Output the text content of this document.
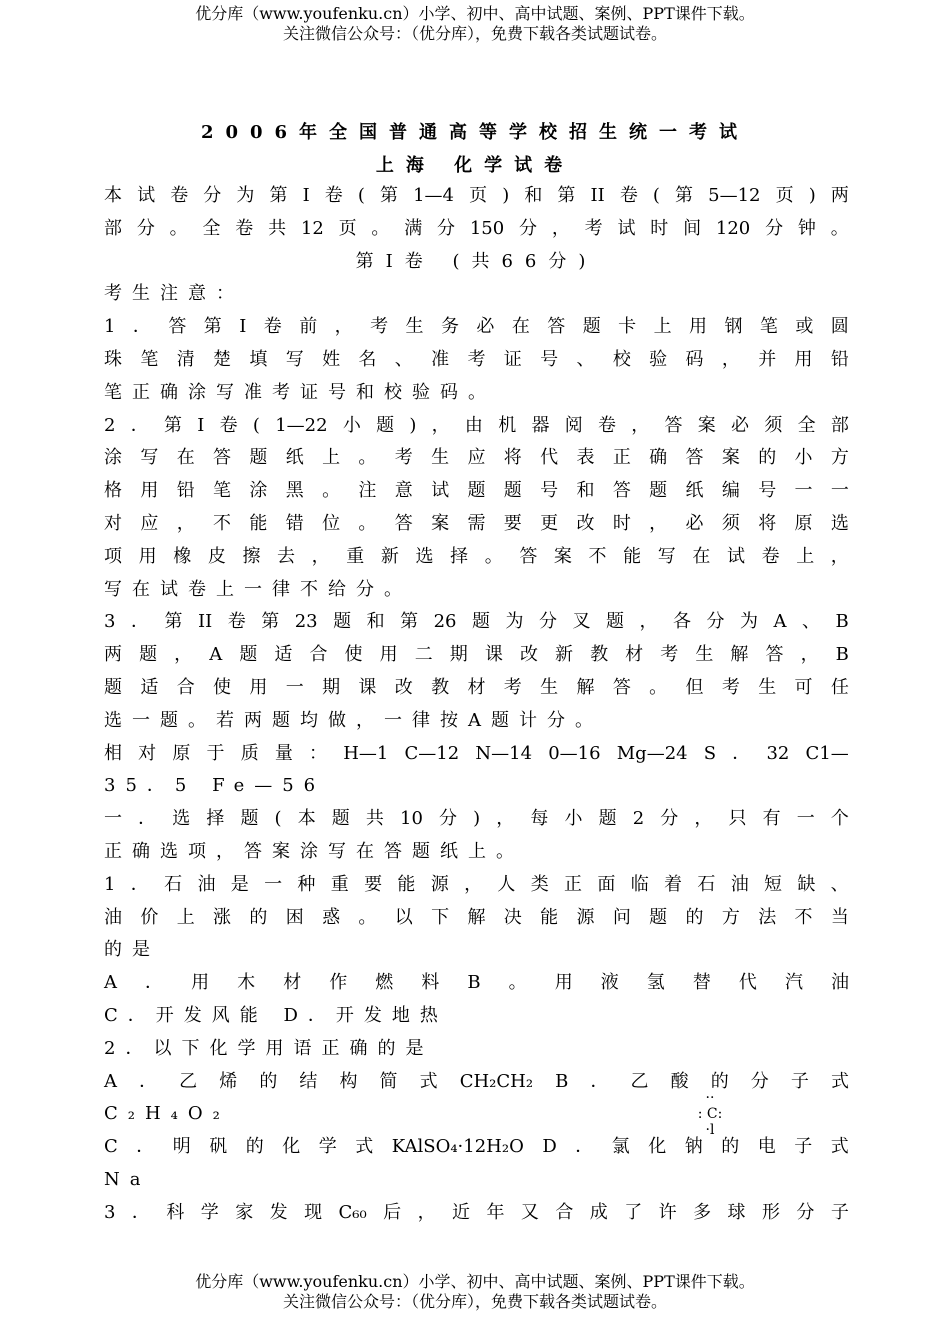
优分库（www.youfenku.cn）小学、初中、高中试题、案例、PPT课件下载。
关注微信公众号：（优分库），免费下载各类试题试卷。
2006年全国普通高等学校招生统一考试
上海 化学试卷
本 试 卷 分 为 第 I 卷 ( 第 1—4 页 ) 和 第 II 卷 ( 第 5—12 页 ) 两
部 分 。 全 卷 共 12 页 。 满 分 150 分 ， 考 试 时 间 120 分 钟 。
第I卷 (共66分)
考生注意：
1 ． 答 第 I 卷 前 ， 考 生 务 必 在 答 题 卡 上 用 钢 笔 或 圆
珠 笔 清 楚 填 写 姓 名 、 准 考 证 号 、 校 验 码 ， 并 用 铅
笔正确涂写准考证号和校验码。
2 ． 第 I 卷 ( 1—22 小 题 ) ， 由 机 器 阅 卷 ， 答 案 必 须 全 部
涂 写 在 答 题 纸 上 。 考 生 应 将 代 表 正 确 答 案 的 小 方
格 用 铅 笔 涂 黑 。 注 意 试 题 题 号 和 答 题 纸 编 号 一 一
对 应 ， 不 能 错 位 。 答 案 需 要 更 改 时 ， 必 须 将 原 选
项 用 橡 皮 擦 去 ， 重 新 选 择 。 答 案 不 能 写 在 试 卷 上 ，
写在试卷上一律不给分。
3 ． 第 II 卷 第 23 题 和 第 26 题 为 分 叉 题 ， 各 分 为 A 、 B
两 题 ， A 题 适 合 使 用 二 期 课 改 新 教 材 考 生 解 答 ， B
题 适 合 使 用 一 期 课 改 教 材 考 生 解 答 。 但 考 生 可 任
选一题。若两题均做，一律按A题计分。
相 对 原 于 质 量 ： H—1 C—12 N—14 0—16 Mg—24 S ． 32 C1—
35．5 Fe—56
一 ． 选 择 题 ( 本 题 共 10 分 ) ， 每 小 题 2 分 ， 只 有 一 个
正确选项，答案涂写在答题纸上。
1 ． 石 油 是 一 种 重 要 能 源 ， 人 类 正 面 临 着 石 油 短 缺 、
油 价 上 涨 的 困 惑 。 以 下 解 决 能 源 问 题 的 方 法 不 当
的是
A ． 用 木 材 作 燃 料 B 。 用 液 氢 替 代 汽 油
C．开发风能 D．开发地热
2．以下化学用语正确的是
A ． 乙 烯 的 结 构 简 式 CH₂CH₂ B ． 乙 酸 的 分 子 式
C₂H₄O₂
C ． 明 矾 的 化 学 式 KAlSO₄·12H₂O D ． 氯 化 钠 的 电 子 式
Na
3 ． 科 学 家 发 现 C₆₀ 后 ， 近 年 又 合 成 了 许 多 球 形 分 子
··
: C:
·l
优分库（www.youfenku.cn）小学、初中、高中试题、案例、PPT课件下载。
关注微信公众号：（优分库），免费下载各类试题试卷。
